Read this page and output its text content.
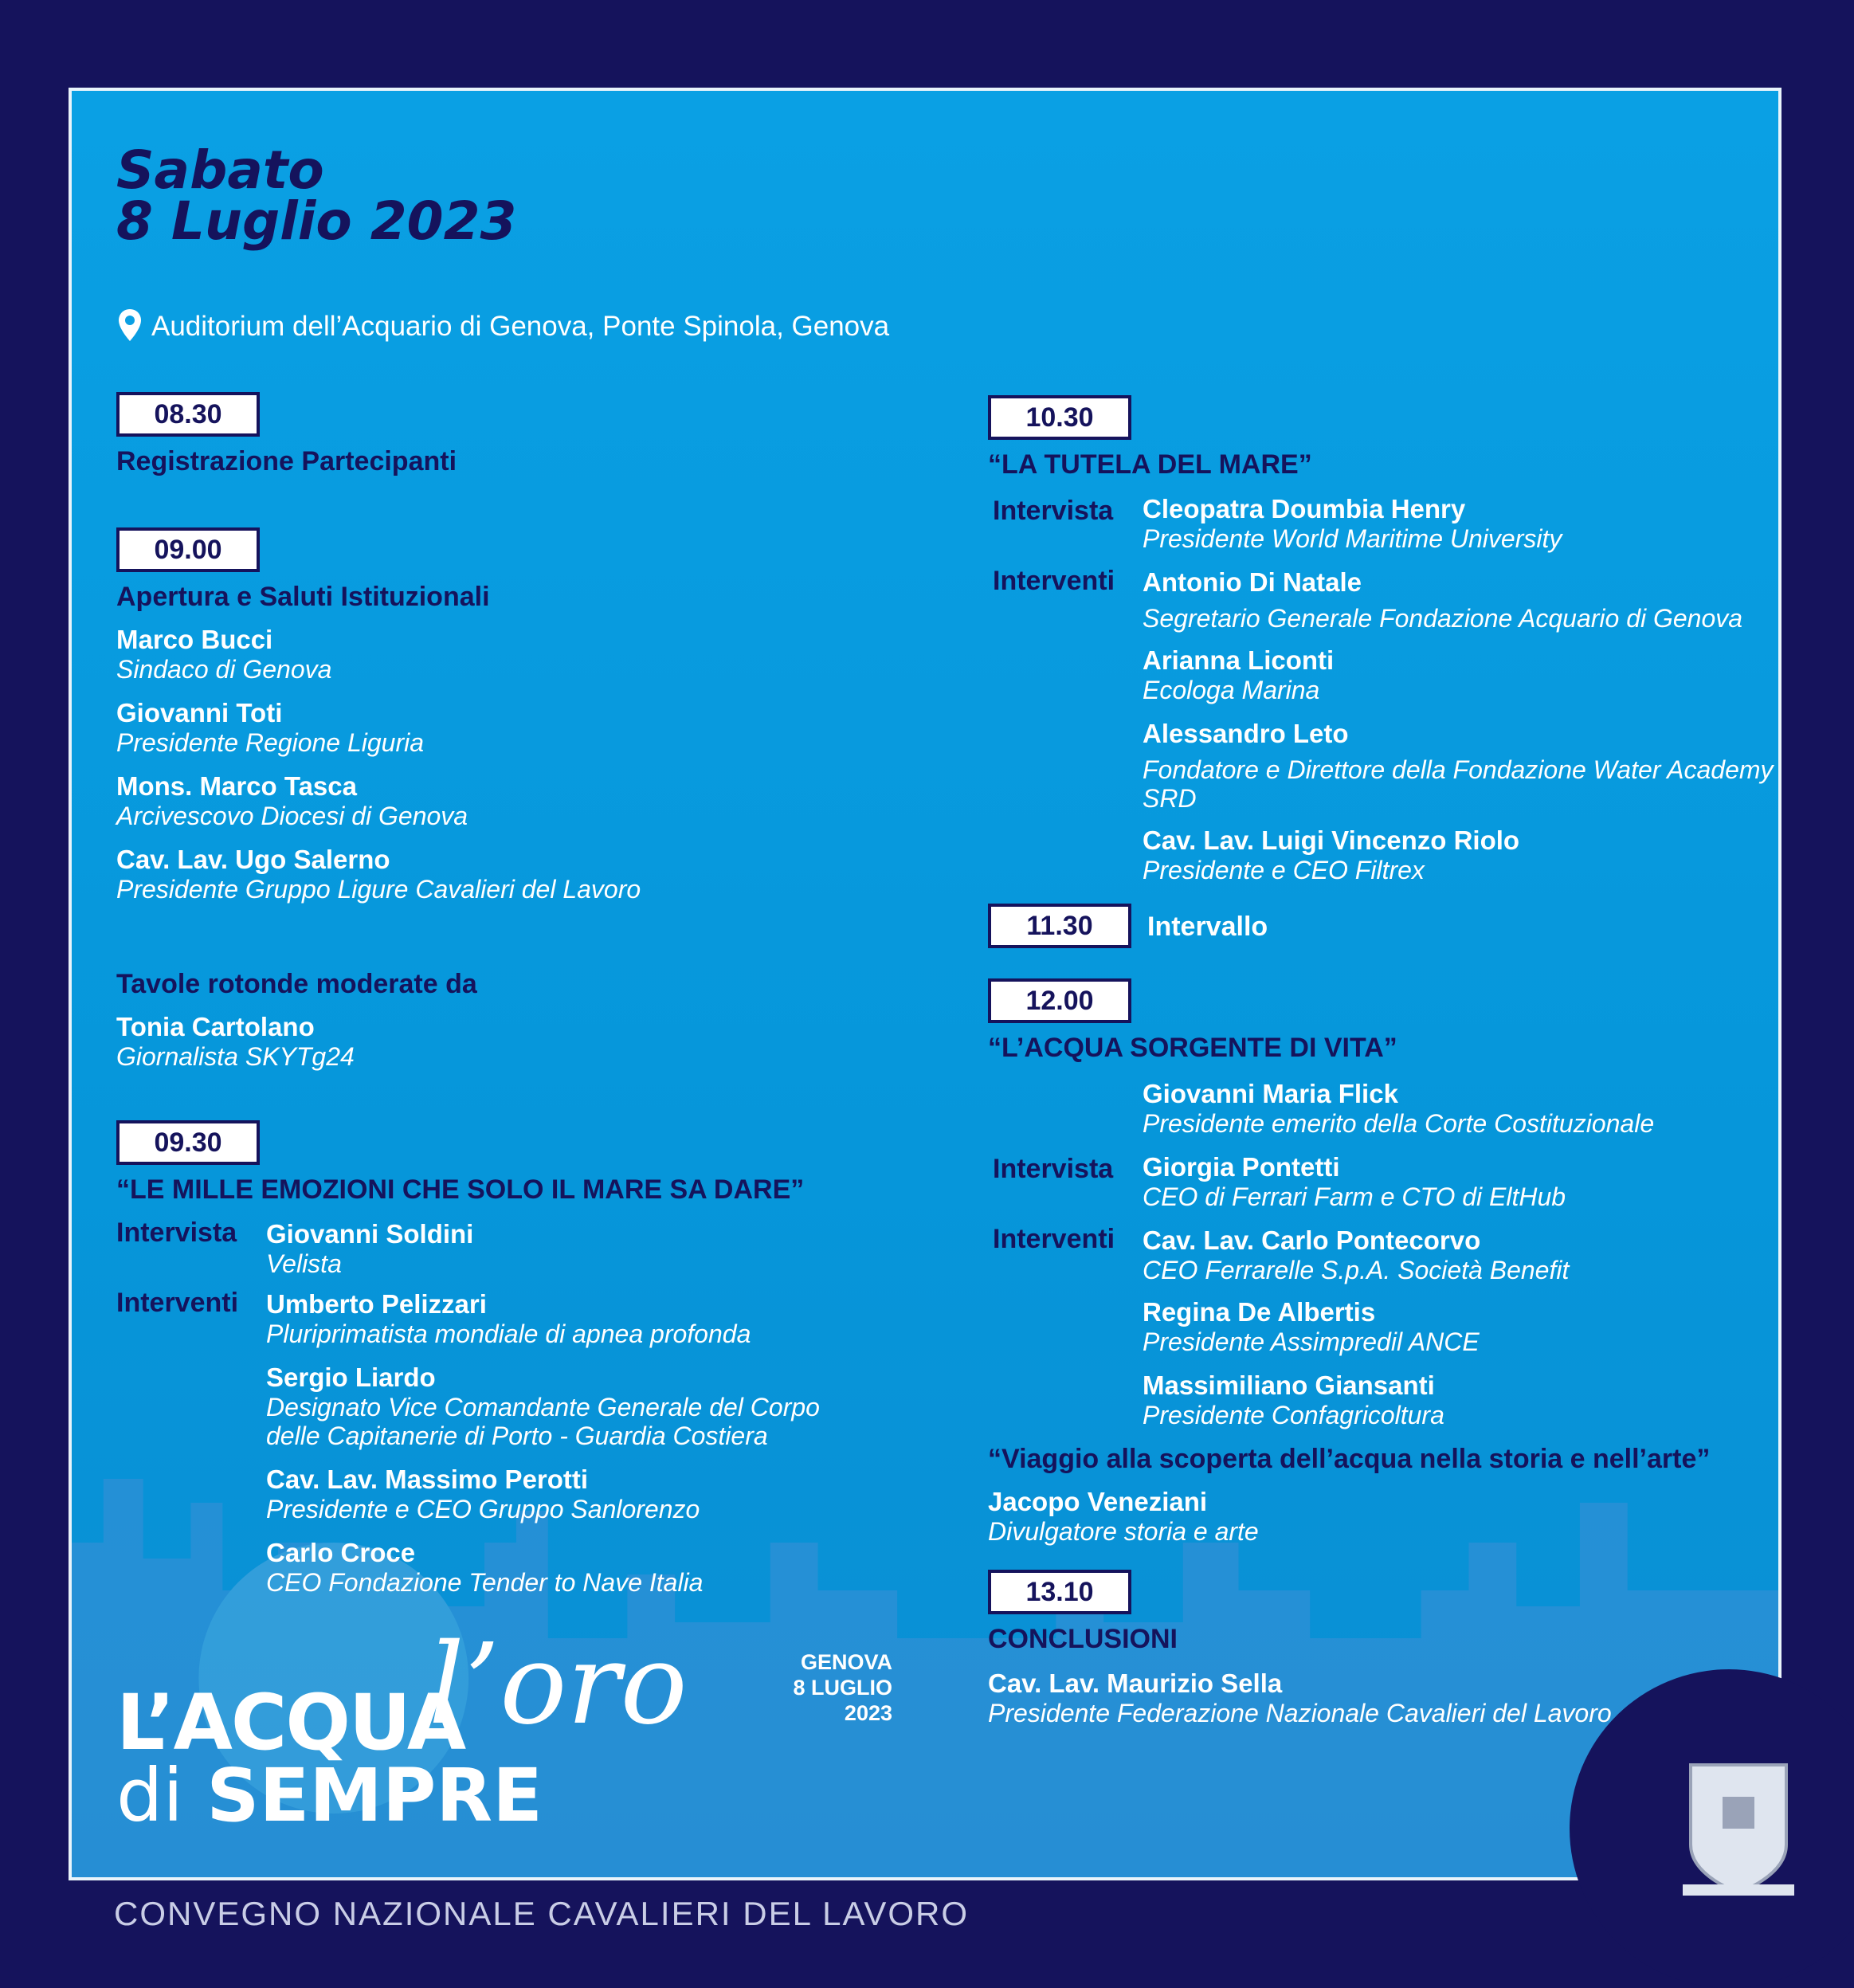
Sabato
8 Luglio 2023
Auditorium dell’Acquario di Genova, Ponte Spinola, Genova
08.30
Registrazione Partecipanti
09.00
Apertura e Saluti Istituzionali

Marco Bucci

Sindaco di Genova

Giovanni Toti

Presidente Regione Liguria

Mons. Marco Tasca

Arcivescovo Diocesi di Genova

Cav. Lav. Ugo Salerno

Presidente Gruppo Ligure Cavalieri del Lavoro

Tavole rotonde moderate da

Tonia Cartolano

Giornalista SKYTg24

09.30
“LE MILLE EMOZIONI CHE SOLO IL MARE SA DARE”
Intervista
Interventi

Giovanni Soldini

Velista

Umberto Pelizzari

Pluriprimatista mondiale di apnea profonda

Sergio Liardo

Designato Vice Comandante Generale del Corpo

delle Capitanerie di Porto - Guardia Costiera

Cav. Lav. Massimo Perotti

Presidente e CEO Gruppo Sanlorenzo

Carlo Croce

CEO Fondazione Tender to Nave Italia

10.30
“LA TUTELA DEL MARE”
Intervista
Interventi

Cleopatra Doumbia Henry

Presidente World Maritime University

Antonio Di Natale

Segretario Generale Fondazione Acquario di Genova

Arianna Liconti

Ecologa Marina

Alessandro Leto

Fondatore e Direttore della Fondazione Water Academy

SRD

Cav. Lav. Luigi Vincenzo Riolo

Presidente e CEO Filtrex

11.30	Intervallo
12.00
“L’ACQUA SORGENTE DI VITA”
Intervista
Interventi

Giovanni Maria Flick

Presidente emerito della Corte Costituzionale

Giorgia Pontetti

CEO di Ferrari Farm e CTO di EltHub

Cav. Lav. Carlo Pontecorvo

CEO Ferrarelle S.p.A. Società Benefit

Regina De Albertis

Presidente Assimpredil ANCE

Massimiliano Giansanti

Presidente Confagricoltura

“Viaggio alla scoperta dell’acqua nella storia e nell’arte”

Jacopo Veneziani

Divulgatore storia e arte

13.10
CONCLUSIONI

Cav. Lav. Maurizio Sella

Presidente Federazione Nazionale Cavalieri del Lavoro

GENOVA
8 LUGLIO
2023
l’oro
L’ACQUA
di SEMPRE
CONVEGNO NAZIONALE CAVALIERI DEL LAVORO
